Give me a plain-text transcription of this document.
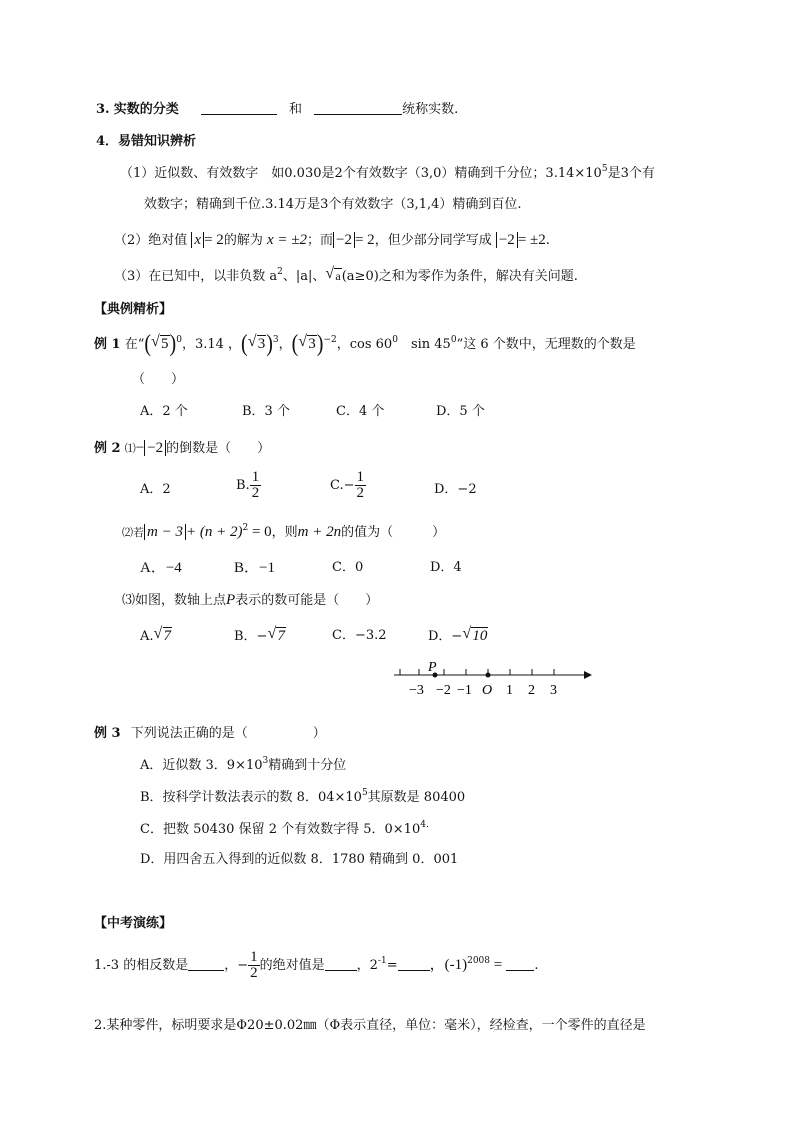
3. 实数的分类	和	统称实数.
4．易错知识辨析
（1）近似数、有效数字　如0.030是2个有效数字（3,0）精确到千分位；$3.14\times 10^5$是3个有
效数字；精确到千位.3.14万是3个有效数字（3,1,4）精确到百位.
（2）绝对值 x = 2的解为 x = ±2；而 −2 = 2，但少部分同学写成 −2 = ±2.
（3）在已知中，以非负数 $a^2$、|a|、 √ a(a≥0)之和为零作为条件，解决有关问题.
【典例精析】
例 1 在“( √ 5)$^0$，3.14 ，( √ 3)$^3$，( √ 3)$^{-2}$，$\cos 60^0$　$\sin 45^0$”这 6 个数中，无理数的个数是
（　　）
A．2 个	B．3 个	C．4 个	D．5 个
例 2 ⑴− −2 的倒数是（　　）
A．2	B. $\frac{1}{2}$	$C.- \frac{1}{2}$	D．−2
⑵若 $m - 3 + (n + 2)^2 = 0$，则m + 2n的值为（　　　）
A．−4	B．−1	C．0	D．4
⑶如图，数轴上点P表示的数可能是（　　）
A. √ 7	B．− √ 7	C．−3.2	D．− √ 10
P
−3 −2 −1 O 1 2 3
例 3 下列说法正确的是（　　　　　）
A．近似数 3．$9\times 10^3$精确到十分位
B．按科学计数法表示的数 8．$04\times 10^5$其原数是 80400
C．把数 50430 保留 2 个有效数字得 5．$0\times 10^{4.}$
D．用四舍五入得到的近似数 8．1780 精确到 0．001
【中考演练】
1.-3 的相反数是	，− $\frac{1}{2}$ 的绝对值是 ，$2^{-1}=$ ，$(-1)^{2008}$ = .
2.某种零件，标明要求是Φ20±0.02㎜（Φ表示直径，单位：毫米），经检查，一个零件的直径是
